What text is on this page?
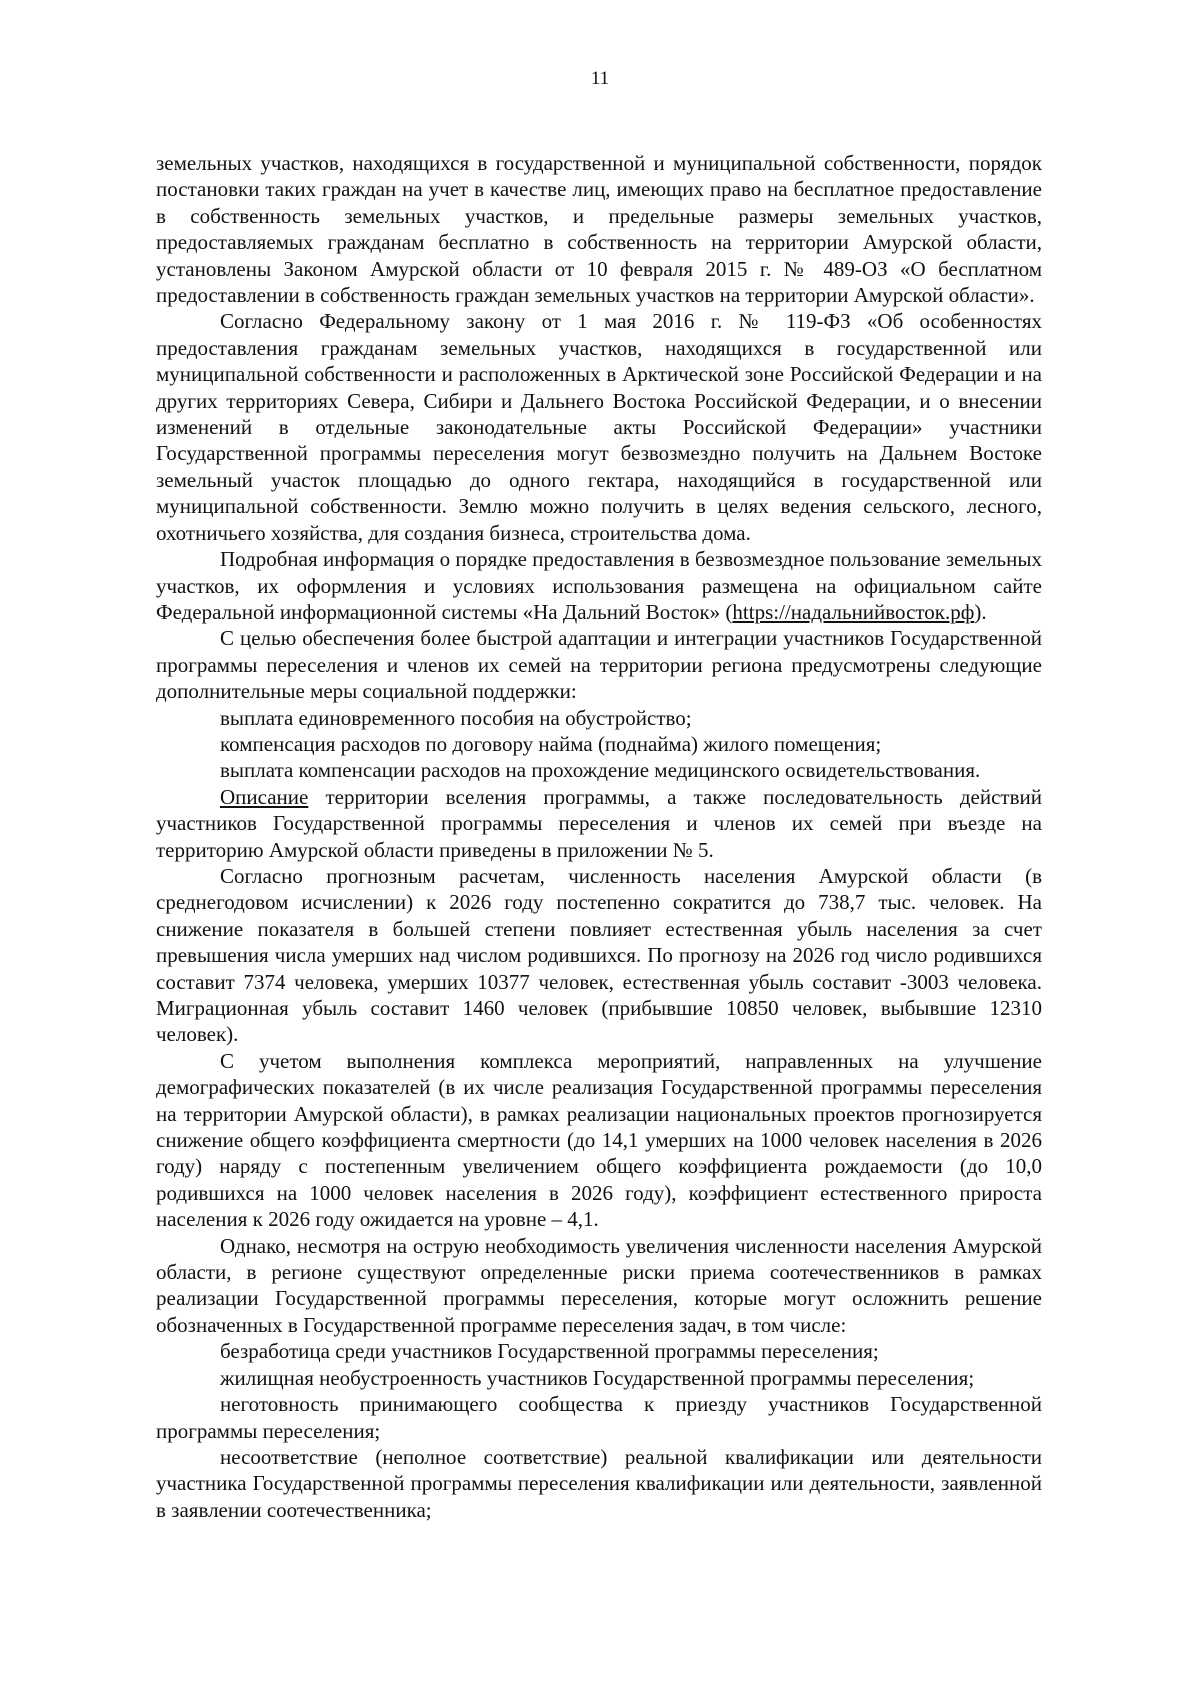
11

земельных участков, находящихся в государственной и муниципальной собственности, порядок постановки таких граждан на учет в качестве лиц, имеющих право на бесплатное предоставление в собственность земельных участков, и предельные размеры земельных участков, предоставляемых гражданам бесплатно в собственность на территории Амурской области, установлены Законом Амурской области от 10 февраля 2015 г. № 489-ОЗ «О бесплатном предоставлении в собственность граждан земельных участков на территории Амурской области».

Согласно Федеральному закону от 1 мая 2016 г. № 119-ФЗ «Об особенностях предоставления гражданам земельных участков, находящихся в государственной или муниципальной собственности и расположенных в Арктической зоне Российской Федерации и на других территориях Севера, Сибири и Дальнего Востока Российской Федерации, и о внесении изменений в отдельные законодательные акты Российской Федерации» участники Государственной программы переселения могут безвозмездно получить на Дальнем Востоке земельный участок площадью до одного гектара, находящийся в государственной или муниципальной собственности. Землю можно получить в целях ведения сельского, лесного, охотничьего хозяйства, для создания бизнеса, строительства дома.

Подробная информация о порядке предоставления в безвозмездное пользование земельных участков, их оформления и условиях использования размещена на официальном сайте Федеральной информационной системы «На Дальний Восток» (https://надальнийвосток.рф).

С целью обеспечения более быстрой адаптации и интеграции участников Государственной программы переселения и членов их семей на территории региона предусмотрены следующие дополнительные меры социальной поддержки:

выплата единовременного пособия на обустройство;

компенсация расходов по договору найма (поднайма) жилого помещения;

выплата компенсации расходов на прохождение медицинского освидетельствования.

Описание территории вселения программы, а также последовательность действий участников Государственной программы переселения и членов их семей при въезде на территорию Амурской области приведены в приложении № 5.

Согласно прогнозным расчетам, численность населения Амурской области (в среднегодовом исчислении) к 2026 году постепенно сократится до 738,7 тыс. человек. На снижение показателя в большей степени повлияет естественная убыль населения за счет превышения числа умерших над числом родившихся. По прогнозу на 2026 год число родившихся составит 7374 человека, умерших 10377 человек, естественная убыль составит -3003 человека. Миграционная убыль составит 1460 человек (прибывшие 10850 человек, выбывшие 12310 человек).

С учетом выполнения комплекса мероприятий, направленных на улучшение демографических показателей (в их числе реализация Государственной программы переселения на территории Амурской области), в рамках реализации национальных проектов прогнозируется снижение общего коэффициента смертности (до 14,1 умерших на 1000 человек населения в 2026 году) наряду с постепенным увеличением общего коэффициента рождаемости (до 10,0 родившихся на 1000 человек населения в 2026 году), коэффициент естественного прироста населения к 2026 году ожидается на уровне – 4,1.

Однако, несмотря на острую необходимость увеличения численности населения Амурской области, в регионе существуют определенные риски приема соотечественников в рамках реализации Государственной программы переселения, которые могут осложнить решение обозначенных в Государственной программе переселения задач, в том числе:

безработица среди участников Государственной программы переселения;

жилищная необустроенность участников Государственной программы переселения;

неготовность принимающего сообщества к приезду участников Государственной программы переселения;

несоответствие (неполное соответствие) реальной квалификации или деятельности участника Государственной программы переселения квалификации или деятельности, заявленной в заявлении соотечественника;
